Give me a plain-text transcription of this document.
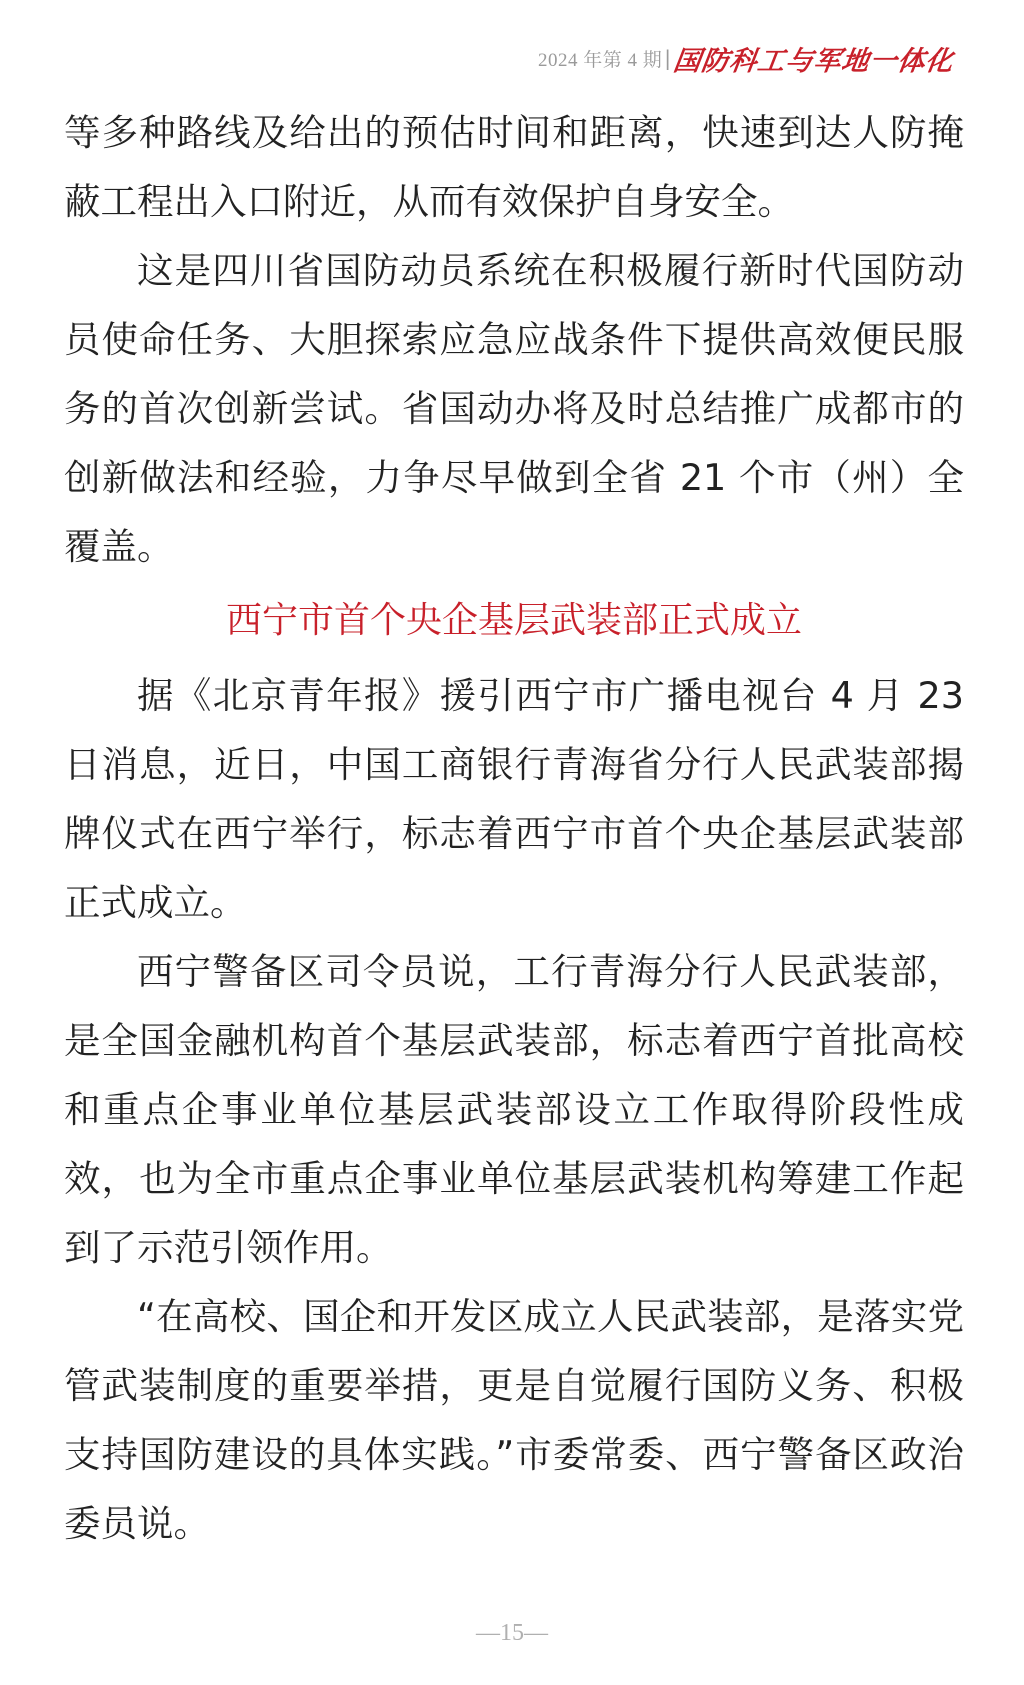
2024 年第 4 期 | 国防科工与军地一体化

等多种路线及给出的预估时间和距离，快速到达人防掩蔽工程出入口附近，从而有效保护自身安全。

这是四川省国防动员系统在积极履行新时代国防动员使命任务、大胆探索应急应战条件下提供高效便民服务的首次创新尝试。省国动办将及时总结推广成都市的创新做法和经验，力争尽早做到全省 21 个市（州）全覆盖。

西宁市首个央企基层武装部正式成立

据《北京青年报》援引西宁市广播电视台 4 月 23 日消息，近日，中国工商银行青海省分行人民武装部揭牌仪式在西宁举行，标志着西宁市首个央企基层武装部正式成立。

西宁警备区司令员说，工行青海分行人民武装部，是全国金融机构首个基层武装部，标志着西宁首批高校和重点企事业单位基层武装部设立工作取得阶段性成效，也为全市重点企事业单位基层武装机构筹建工作起到了示范引领作用。

“在高校、国企和开发区成立人民武装部，是落实党管武装制度的重要举措，更是自觉履行国防义务、积极支持国防建设的具体实践。”市委常委、西宁警备区政治委员说。

—15—
